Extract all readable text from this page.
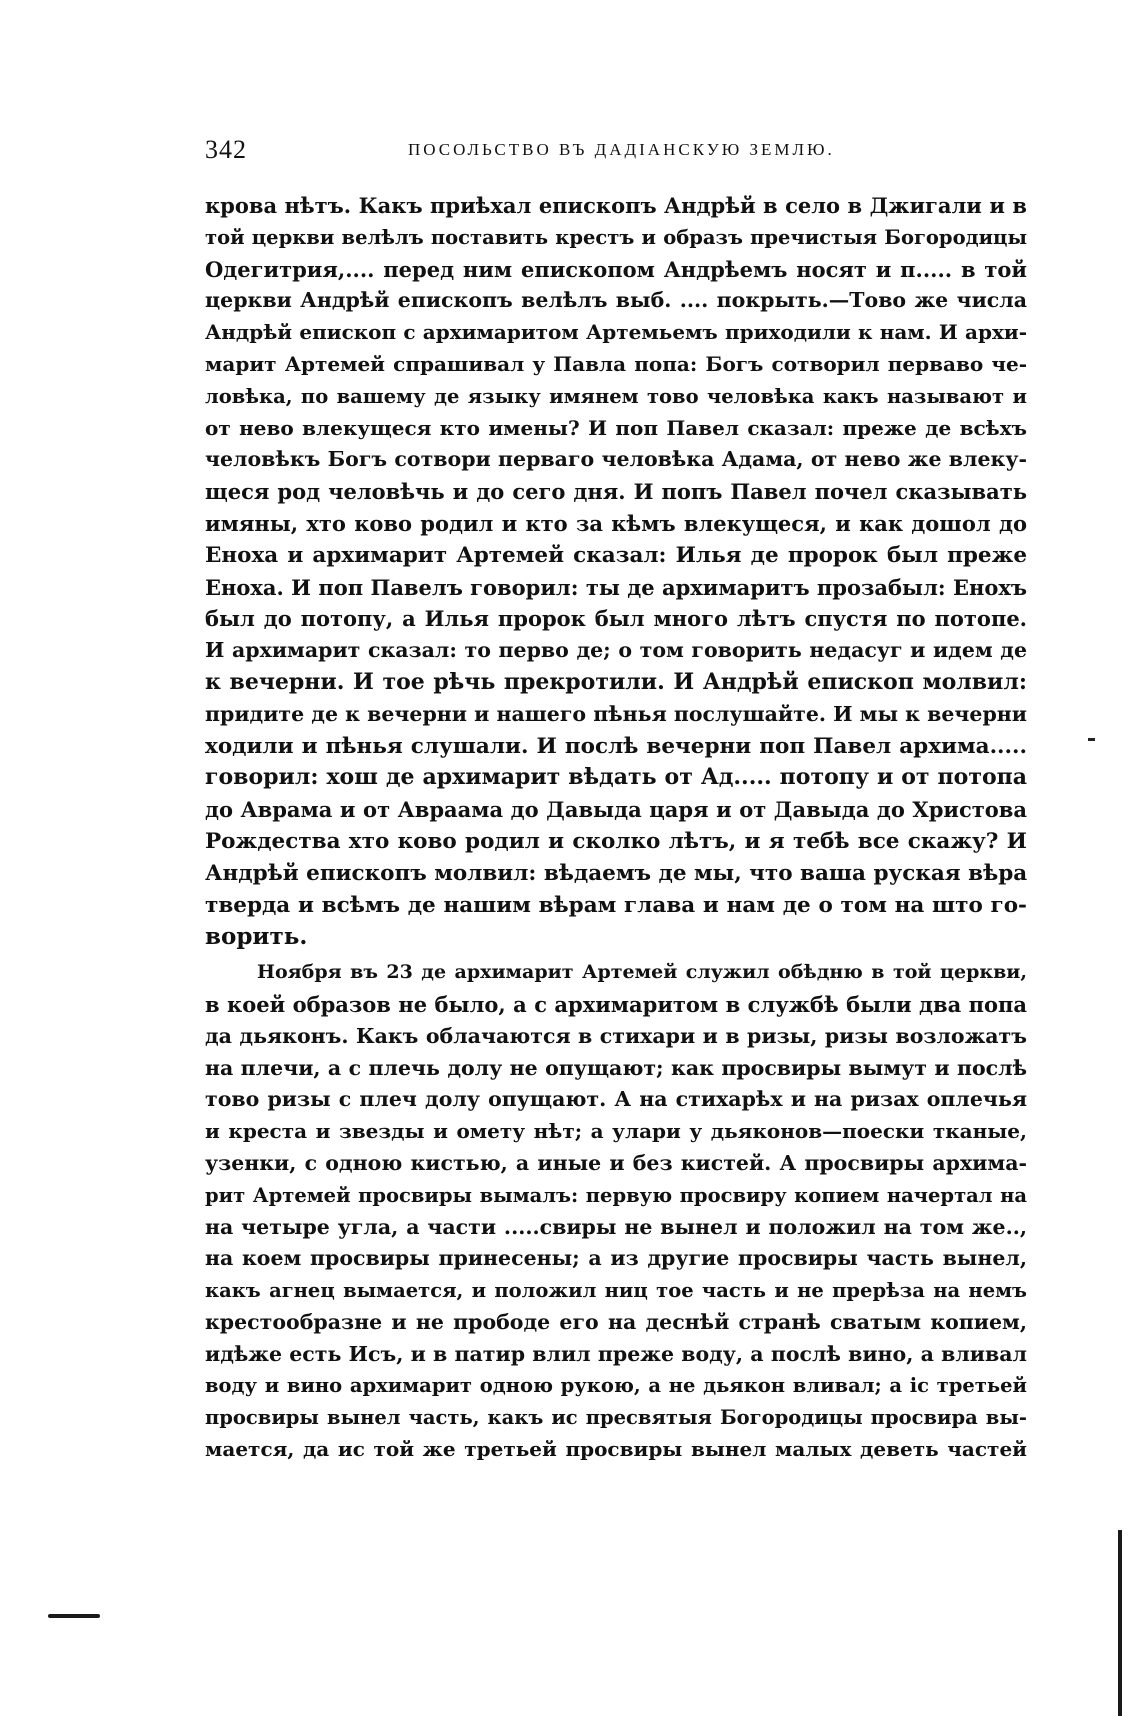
342	ПОСОЛЬСТВО ВЪ ДАДІАНСКУЮ ЗЕМЛЮ.
крова нѣтъ. Какъ приѣхал епископъ Андрѣй в село в Джигали и в
той церкви велѣлъ поставить крестъ и образъ пречистыя Богородицы
Одегитрия,.... перед ним епископом Андрѣемъ носят и п..... в той
церкви Андрѣй епископъ велѣлъ выб. .... покрыть.—Тово же числа
Андрѣй епископ с архимаритом Артемьемъ приходили к нам. И архи-
марит Артемей спрашивал у Павла попа: Богъ сотворил перваво че-
ловѣка, по вашему де языку имянем тово человѣка какъ называют и
от нево влекущеся кто имены? И поп Павел сказал: преже де всѣхъ
человѣкъ Богъ сотвори перваго человѣка Адама, от нево же влеку-
щеся род человѣчь и до сего дня. И попъ Павел почел сказывать
имяны, хто ково родил и кто за кѣмъ влекущеся, и как дошол до
Еноха и архимарит Артемей сказал: Илья де пророк был преже
Еноха. И поп Павелъ говорил: ты де архимаритъ прозабыл: Енохъ
был до потопу, а Илья пророк был много лѣтъ спустя по потопе.
И архимарит сказал: то перво де; о том говорить недасуг и идем де
к вечерни. И тое рѣчь прекротили. И Андрѣй епископ молвил:
придите де к вечерни и нашего пѣнья послушайте. И мы к вечерни
ходили и пѣнья слушали. И послѣ вечерни поп Павел архима.....
говорил: хош де архимарит вѣдать от Ад..... потопу и от потопа
до Аврама и от Авраама до Давыда царя и от Давыда до Христова
Рождества хто ково родил и сколко лѣтъ, и я тебѣ все скажу? И
Андрѣй епископъ молвил: вѣдаемъ де мы, что ваша руская вѣра
тверда и всѣмъ де нашим вѣрам глава и нам де о том на што го-
ворить.
Ноября въ 23 де архимарит Артемей служил обѣдню в той церкви,
в коей образов не было, а с архимаритом в службѣ были два попа
да дьяконъ. Какъ облачаются в стихари и в ризы, ризы возложатъ
на плечи, а с плечь долу не опущают; как просвиры вымут и послѣ
тово ризы с плеч долу опущают. А на стихарѣх и на ризах оплечья
и креста и звезды и омету нѣт; а улари у дьяконов—поески тканые,
узенки, с одною кистью, а иные и без кистей. А просвиры архима-
рит Артемей просвиры вымалъ: первую просвиру копием начертал на
на четыре угла, а части .....свиры не вынел и положил на том же..,
на коем просвиры принесены; а из другие просвиры часть вынел,
какъ агнец вымается, и положил ниц тое часть и не прерѣза на немъ
крестообразне и не прободе его на деснѣй странѣ сватым копием,
идѣже есть Исъ, и в патир влил преже воду, а послѣ вино, а вливал
воду и вино архимарит одною рукою, а не дьякон вливал; а іс третьей
просвиры вынел часть, какъ ис пресвятыя Богородицы просвира вы-
мается, да ис той же третьей просвиры вынел малых деветь частей
